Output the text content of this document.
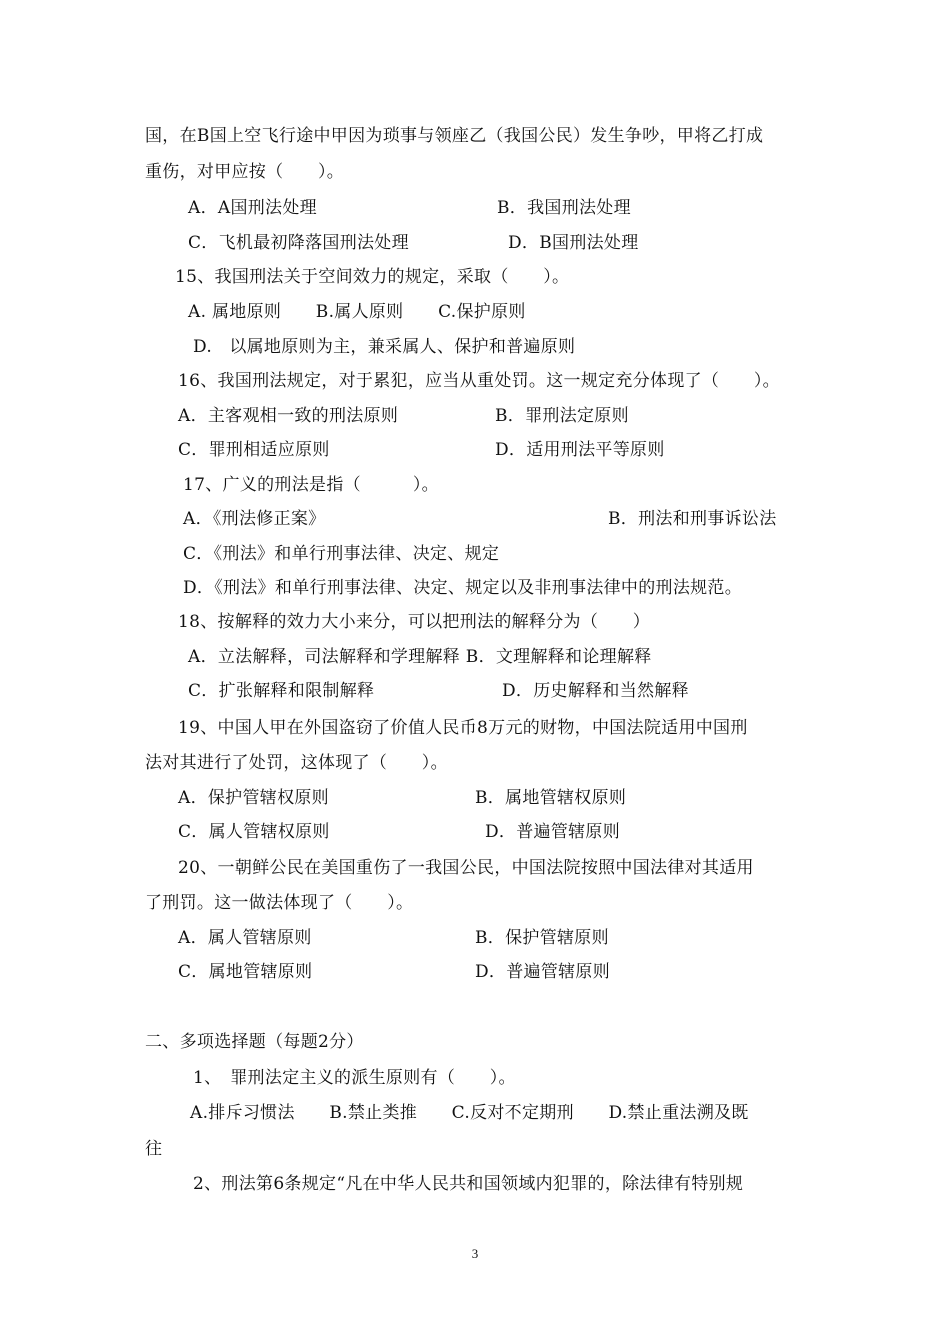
国，在B国上空飞行途中甲因为琐事与领座乙（我国公民）发生争吵，甲将乙打成
重伤，对甲应按（　　）。
A．A国刑法处理	B．我国刑法处理
C．飞机最初降落国刑法处理	D．B国刑法处理
15、我国刑法关于空间效力的规定，采取（　　）。
A. 属地原则　　B.属人原则　　C.保护原则
D.　以属地原则为主，兼采属人、保护和普遍原则
16、我国刑法规定，对于累犯，应当从重处罚。这一规定充分体现了（　　）。
A．主客观相一致的刑法原则	B．罪刑法定原则
C．罪刑相适应原则	D．适用刑法平等原则
17、广义的刑法是指（　　　）。
A．《刑法修正案》	B．刑法和刑事诉讼法
C．《刑法》和单行刑事法律、决定、规定
D．《刑法》和单行刑事法律、决定、规定以及非刑事法律中的刑法规范。
18、按解释的效力大小来分，可以把刑法的解释分为（　　）
A．立法解释，司法解释和学理解释 B．文理解释和论理解释
C．扩张解释和限制解释	D．历史解释和当然解释
19、中国人甲在外国盗窃了价值人民币8万元的财物，中国法院适用中国刑
法对其进行了处罚，这体现了（　　）。
A．保护管辖权原则	B．属地管辖权原则
C．属人管辖权原则	D．普遍管辖原则
20、一朝鲜公民在美国重伤了一我国公民，中国法院按照中国法律对其适用
了刑罚。这一做法体现了（　　）。
A．属人管辖原则	B．保护管辖原则
C．属地管辖原则	D．普遍管辖原则
二、多项选择题（每题2分）
1、　罪刑法定主义的派生原则有（　　）。
A.排斥习惯法　　B.禁止类推　　C.反对不定期刑　　D.禁止重法溯及既
往
2、刑法第6条规定“凡在中华人民共和国领域内犯罪的，除法律有特别规
3
